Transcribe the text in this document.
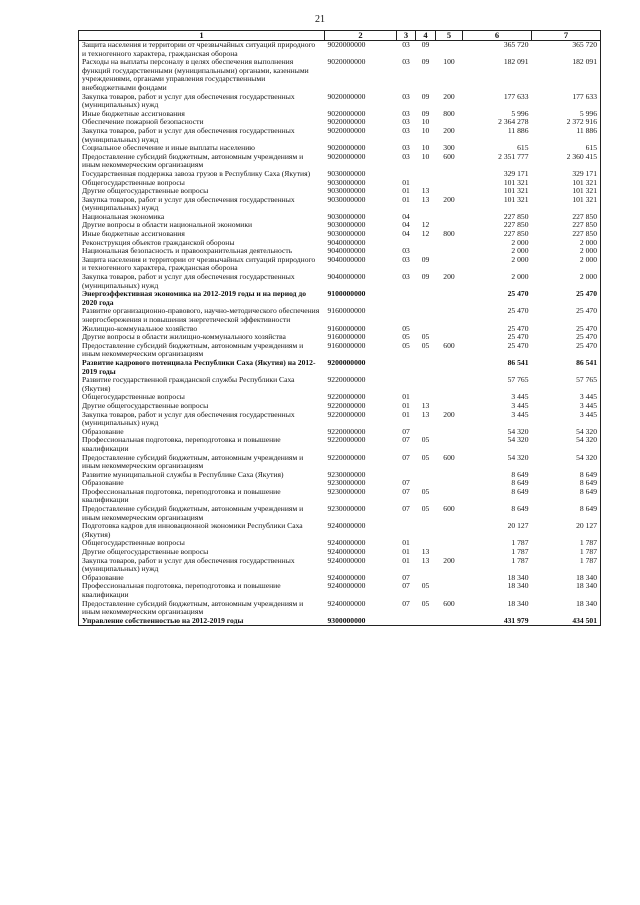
21
1	2	3	4	5	6	7
Защита населения и территории от чрезвычайных ситуаций природного и техногенного характера, гражданская оборона	9020000000	03	09		365 720	365 720
Расходы на выплаты персоналу в целях обеспечения выполнения функций государственными (муниципальными) органами, казенными учреждениями, органами управления государственными внебюджетными фондами	9020000000	03	09	100	182 091	182 091
Закупка товаров, работ и услуг для обеспечения государственных (муниципальных) нужд	9020000000	03	09	200	177 633	177 633
Иные бюджетные ассигнования	9020000000	03	09	800	5 996	5 996
Обеспечение пожарной безопасности	9020000000	03	10		2 364 278	2 372 916
Закупка товаров, работ и услуг для обеспечения государственных (муниципальных) нужд	9020000000	03	10	200	11 886	11 886
Социальное обеспечение и иные выплаты населению	9020000000	03	10	300	615	615
Предоставление субсидий бюджетным, автономным учреждениям и иным некоммерческим организациям	9020000000	03	10	600	2 351 777	2 360 415
Государственная поддержка завоза грузов в Республику Саха (Якутия)	9030000000				329 171	329 171
Общегосударственные вопросы	9030000000	01			101 321	101 321
Другие общегосударственные вопросы	9030000000	01	13		101 321	101 321
Закупка товаров, работ и услуг для обеспечения государственных (муниципальных) нужд	9030000000	01	13	200	101 321	101 321
Национальная экономика	9030000000	04			227 850	227 850
Другие вопросы в области национальной экономики	9030000000	04	12		227 850	227 850
Иные бюджетные ассигнования	9030000000	04	12	800	227 850	227 850
Реконструкция объектов гражданской обороны	9040000000				2 000	2 000
Национальная безопасность и правоохранительная деятельность	9040000000	03			2 000	2 000
Защита населения и территории от чрезвычайных ситуаций природного и техногенного характера, гражданская оборона	9040000000	03	09		2 000	2 000
Закупка товаров, работ и услуг для обеспечения государственных (муниципальных) нужд	9040000000	03	09	200	2 000	2 000
Энергоэффективная экономика на 2012-2019 годы и на период до 2020 года	9100000000				25 470	25 470
Развитие организационно-правового, научно-методического обеспечения энергосбережения и повышения энергетической эффективности	9160000000				25 470	25 470
Жилищно-коммунальное хозяйство	9160000000	05			25 470	25 470
Другие вопросы в области жилищно-коммунального хозяйства	9160000000	05	05		25 470	25 470
Предоставление субсидий бюджетным, автономным учреждениям и иным некоммерческим организациям	9160000000	05	05	600	25 470	25 470
Развитие кадрового потенциала Республики Саха (Якутия) на 2012-2019 годы	9200000000				86 541	86 541
Развитие государственной гражданской службы Республики Саха (Якутия)	9220000000				57 765	57 765
Общегосударственные вопросы	9220000000	01			3 445	3 445
Другие общегосударственные вопросы	9220000000	01	13		3 445	3 445
Закупка товаров, работ и услуг для обеспечения государственных (муниципальных) нужд	9220000000	01	13	200	3 445	3 445
Образование	9220000000	07			54 320	54 320
Профессиональная подготовка, переподготовка и повышение квалификации	9220000000	07	05		54 320	54 320
Предоставление субсидий бюджетным, автономным учреждениям и иным некоммерческим организациям	9220000000	07	05	600	54 320	54 320
Развитие муниципальной службы в Республике Саха (Якутия)	9230000000				8 649	8 649
Образование	9230000000	07			8 649	8 649
Профессиональная подготовка, переподготовка и повышение квалификации	9230000000	07	05		8 649	8 649
Предоставление субсидий бюджетным, автономным учреждениям и иным некоммерческим организациям	9230000000	07	05	600	8 649	8 649
Подготовка кадров для инновационной экономики Республики Саха (Якутия)	9240000000				20 127	20 127
Общегосударственные вопросы	9240000000	01			1 787	1 787
Другие общегосударственные вопросы	9240000000	01	13		1 787	1 787
Закупка товаров, работ и услуг для обеспечения государственных (муниципальных) нужд	9240000000	01	13	200	1 787	1 787
Образование	9240000000	07			18 340	18 340
Профессиональная подготовка, переподготовка и повышение квалификации	9240000000	07	05		18 340	18 340
Предоставление субсидий бюджетным, автономным учреждениям и иным некоммерческим организациям	9240000000	07	05	600	18 340	18 340
Управление собственностью на 2012-2019 годы	9300000000				431 979	434 501
